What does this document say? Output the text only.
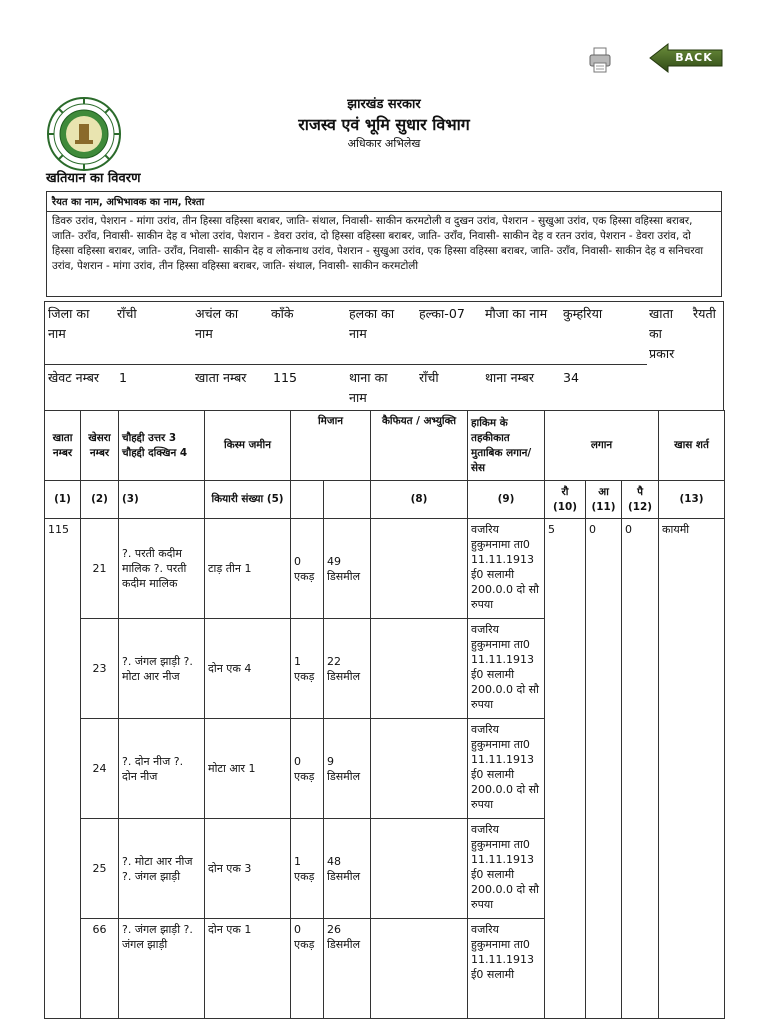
BACK
झारखंड सरकार
राजस्व एवं भूमि सुधार विभाग
अधिकार अभिलेख
खतियान का विवरण
रैयत का नाम, अभिभावक का नाम, रिश्ता
डिवरु उरांव, पेशरान - मांगा उरांव, तीन हिस्सा वहिस्सा बराबर, जाति- संथाल, निवासी- साकीन करमटोली व दुखन उरांव, पेशरान - सुखुआ उरांव, एक हिस्सा वहिस्सा बराबर, जाति- उराँव, निवासी- साकीन देह व भोला उरांव, पेशरान - डेवरा उरांव, दो हिस्सा वहिस्सा बराबर, जाति- उराँव, निवासी- साकीन देह व रतन उरांव, पेशरान - डेवरा उरांव, दो हिस्सा वहिस्सा बराबर, जाति- उराँव, निवासी- साकीन देह व लोकनाथ उरांव, पेशरान - सुखुआ उरांव, एक हिस्सा वहिस्सा बराबर, जाति- उराँव, निवासी- साकीन देह व सनिचरवा उरांव, पेशरान - मांगा उरांव, तीन हिस्सा वहिस्सा बराबर, जाति- संथाल, निवासी- साकीन करमटोली
जिला का
नाम
राँची	अचंल का
नाम
काँके	हलका का
नाम
हल्का-07 मौजा का नाम कुम्हरिया	खाता
का
प्रकार
रैयती
खेवट नम्बर 1	खाता नम्बर 115	थाना का
नाम
राँची	थाना नम्बर 34
खाता नम्बर	खेसरा नम्बर	चौहद्दी उत्तर 3 चौहद्दी दक्खिन 4	किस्म जमीन	मिजान		कैफियत / अभ्युक्ति	हाकिम के तहकीकात मुताबिक लगान/सेस	लगान			खास शर्त
(1)	(2)	(3)	कियारी संख्या (5)			(8)	(9)	रौ (10)	आ (11)	पै (12)	(13)
115	21	?. परती कदीम मालिक ?. परती कदीम मालिक	टाड़ तीन 1	0 एकड़	49 डिसमील		वजरिय हुकुमनामा ता0 11.11.1913 ई0 सलामी 200.0.0 दो सौ रुपया	5	0	0	कायमी
	23	?. जंगल झाड़ी ?. मोटा आर नीज	दोन एक 4	1 एकड़	22 डिसमील		वजरिय हुकुमनामा ता0 11.11.1913 ई0 सलामी 200.0.0 दो सौ रुपया				
	24	?. दोन नीज ?. दोन नीज	मोटा आर 1	0 एकड़	9 डिसमील		वजरिय हुकुमनामा ता0 11.11.1913 ई0 सलामी 200.0.0 दो सौ रुपया				
	25	?. मोटा आर नीज ?. जंगल झाड़ी	दोन एक 3	1 एकड़	48 डिसमील		वजरिय हुकुमनामा ता0 11.11.1913 ई0 सलामी 200.0.0 दो सौ रुपया				
	66	?. जंगल झाड़ी ?. जंगल झाड़ी	दोन एक 1	0 एकड़	26 डिसमील		वजरिय हुकुमनामा ता0 11.11.1913 ई0 सलामी				
